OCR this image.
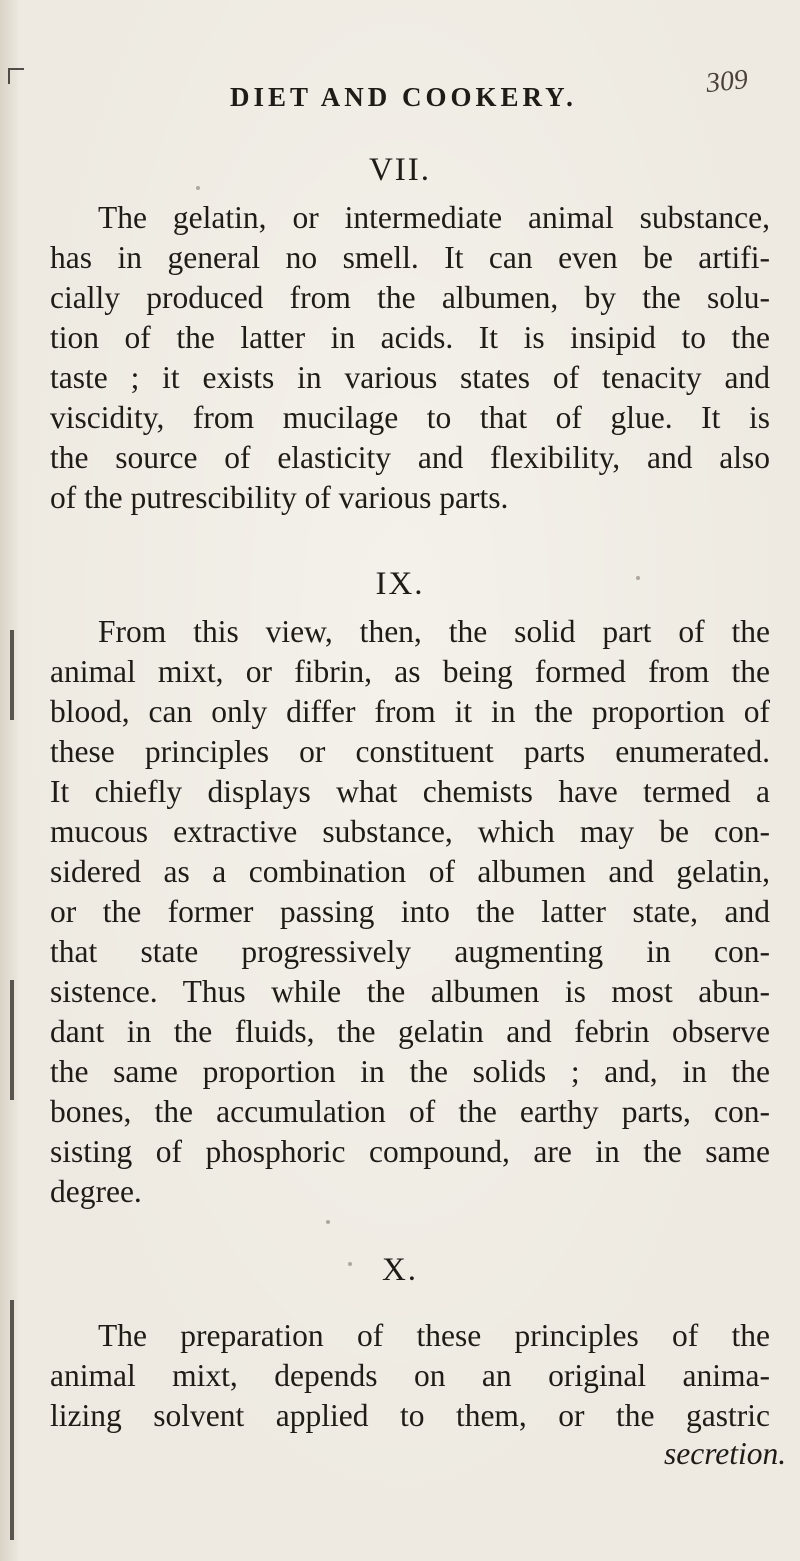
DIET AND COOKERY.	309
VII.
The gelatin, or intermediate animal substance,
has in general no smell. It can even be artifi-
cially produced from the albumen, by the solu-
tion of the latter in acids. It is insipid to the
taste ; it exists in various states of tenacity and
viscidity, from mucilage to that of glue. It is
the source of elasticity and flexibility, and also
of the putrescibility of various parts.
IX.
From this view, then, the solid part of the
animal mixt, or fibrin, as being formed from the
blood, can only differ from it in the proportion of
these principles or constituent parts enumerated.
It chiefly displays what chemists have termed a
mucous extractive substance, which may be con-
sidered as a combination of albumen and gelatin,
or the former passing into the latter state, and
that state progressively augmenting in con-
sistence. Thus while the albumen is most abun-
dant in the fluids, the gelatin and febrin observe
the same proportion in the solids ; and, in the
bones, the accumulation of the earthy parts, con-
sisting of phosphoric compound, are in the same
degree.
X.
The preparation of these principles of the
animal mixt, depends on an original anima-
lizing solvent applied to them, or the gastric
secretion.
